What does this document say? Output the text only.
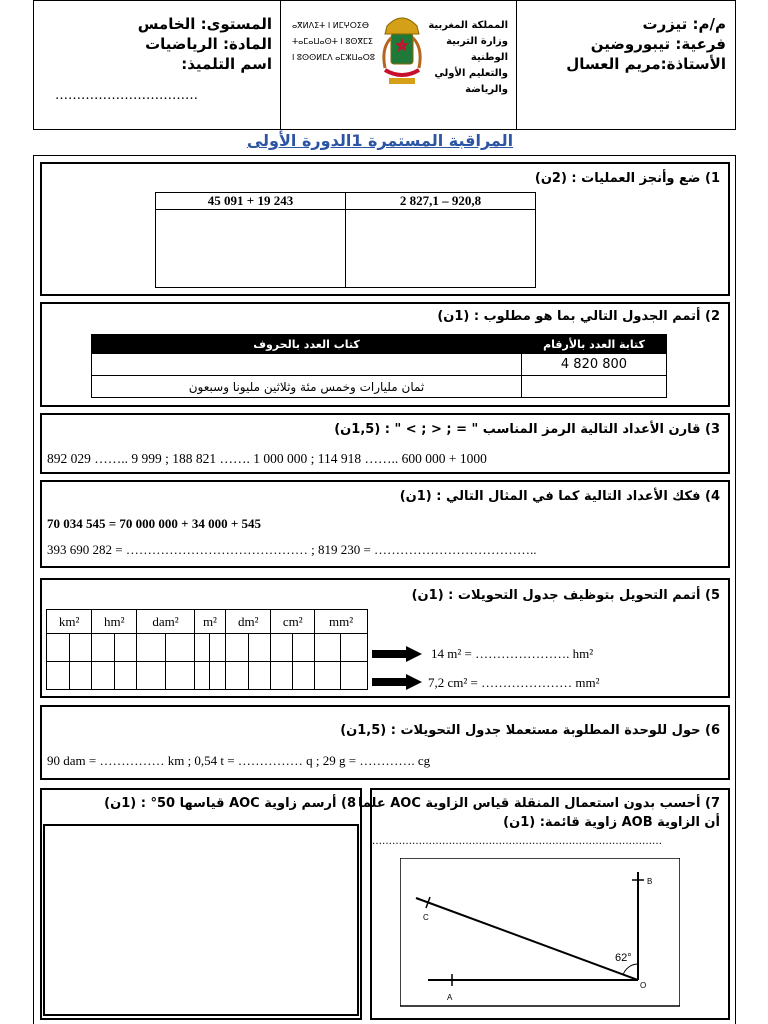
م/م: تيزرت
فرعية: تيبوروضين
الأستاذة:مريم العسال
المستوى: الخامس
المادة: الرياضيات
اسم التلميذ:
……………………………
المملكة المغربية
وزارة التربية الوطنية
والتعليم الأولي والرياضة
ⴰⴳⵍⴷⵉⵜ ⵏ ⵍⵎⵖⵔⵉⴱ
ⵜⴰⵎⴰⵡⴰⵙⵜ ⵏ ⵓⵙⴳⵎⵉ
ⵏ ⵓⵙⵙⵍⵎⴷ ⴰⵎⵣⵡⴰⵔⵓ
المراقبة المستمرة 1الدورة الأولى
1) ضع وأنجز العمليات : (2ن)
45 091 + 19 243	2 827,1 – 920,8

2) أتمم الجدول التالي بما هو مطلوب : (1ن)
كتاب العدد بالحروف	كتابة العدد بالأرقام
	4 820 800
ثمان مليارات وخمس مئة وثلاثين مليونا وسبعون	
3) قارن الأعداد التالية الرمز المناسب " = ; < ; > " : (1,5ن)
892 029 …….. 9 999 ; 188 821 ……. 1 000 000 ; 114 918 …….. 600 000 + 1000
4) فكك الأعداد التالية كما في المثال التالي : (1ن)
70 034 545 = 70 000 000 + 34 000 + 545
393 690 282 = …………………………………… ; 819 230 = ………………………………..
5) أتمم التحويل بتوظيف جدول التحويلات : (1ن)
km²		hm²		dam²		m²		dm²		cm²		mm²	

14 m² = …………………. hm²
7,2 cm² = ………………… mm²
6) حول للوحدة المطلوبة مستعملا جدول التحويلات : (1,5ن)
90 dam = …………… km ; 0,54 t = …………… q ; 29 g = …………. cg
8) أرسم زاوية AOC قياسها 50° : (1ن) 7) أحسب بدون استعمال المنقلة قياس الزاوية AOC علما
أن الزاوية AOB زاوية قائمة: (1ن)
……………………………………………………………………………
B
C
A
O
62°
